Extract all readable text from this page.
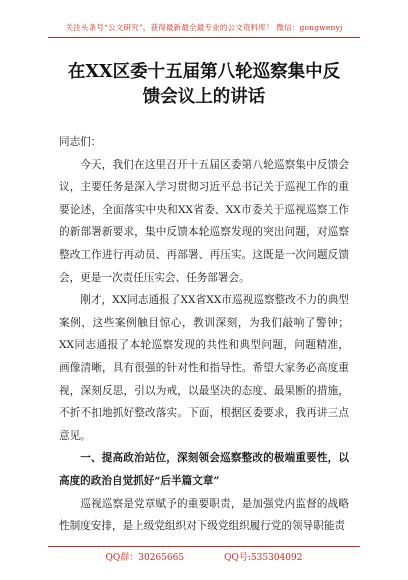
关注头条号“公文研究”，获得最新最全最专业的公文资料库！ 微信：gongwenyj
在XX区委十五届第八轮巡察集中反馈会议上的讲话

同志们：

今天，我们在这里召开十五届区委第八轮巡察集中反馈会议，主要任务是深入学习贯彻习近平总书记关于巡视工作的重要论述，全面落实中央和XX省委、XX市委关于巡视巡察工作的新部署新要求，集中反馈本轮巡察发现的突出问题，对巡察整改工作进行再动员、再部署、再压实。这既是一次问题反馈会，更是一次责任压实会、任务部署会。

刚才，XX同志通报了XX省XX市巡视巡察整改不力的典型案例，这些案例触目惊心，教训深刻，为我们敲响了警钟；XX同志通报了本轮巡察发现的共性和典型问题，问题精准，画像清晰，具有很强的针对性和指导性。希望大家务必高度重视，深刻反思，引以为戒，以最坚决的态度、最果断的措施，不折不扣地抓好整改落实。下面，根据区委要求，我再讲三点意见。

一、提高政治站位，深刻领会巡察整改的极端重要性，以高度的政治自觉抓好“后半篇文章”

巡视巡察是党章赋予的重要职责，是加强党内监督的战略性制度安排，是上级党组织对下级党组织履行党的领导职能责

QQ群：30265665	QQ号:535304092
